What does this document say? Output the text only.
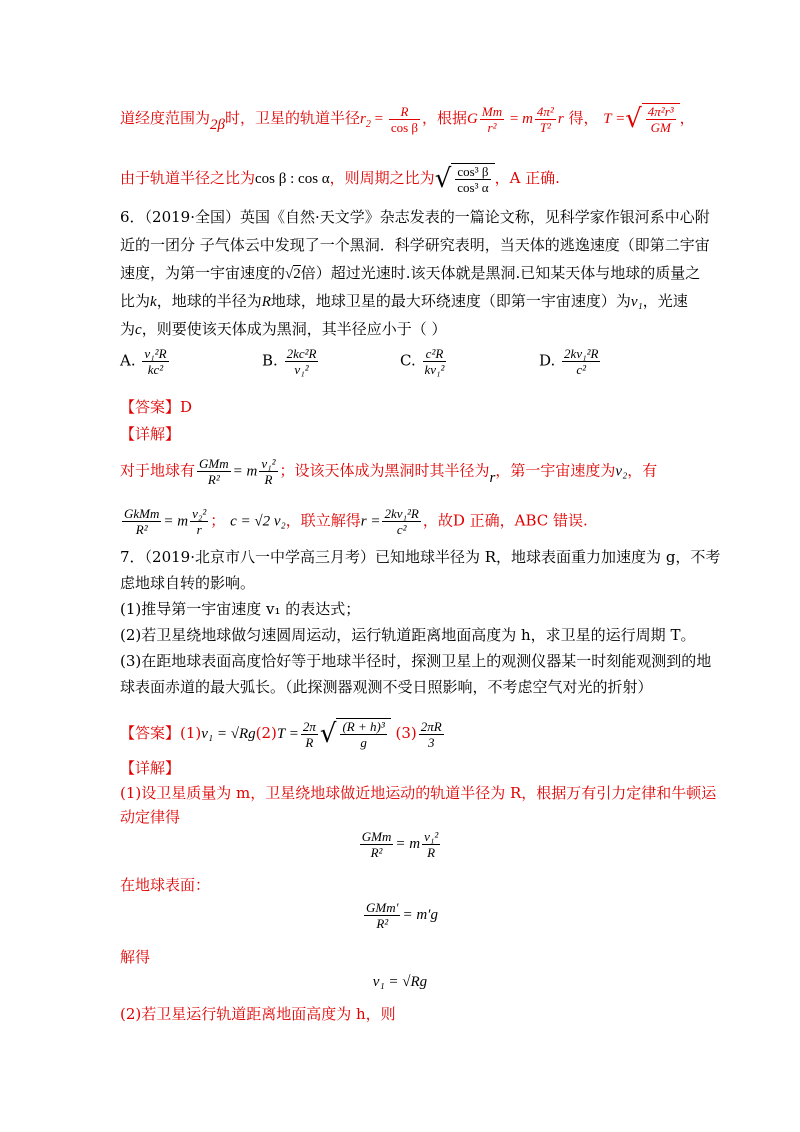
道经度范围为2β时，卫星的轨道半径$r_2 = \frac{R}{\text{cos β}}$ ，根据G $\frac{Mm}{\text{r²}} = m \frac{\text{4π²}}{\text{T²}}$ r 得， T =√ $\frac{\text{4π²r³}}{GM}$ ，
由于轨道半径之比为cos β : cos α，则周期之比为√ $\frac{\text{cos³ β}}{\text{cos³ α}}$ ，A 正确.
6．（2019·全国）英国《自然·天文学》杂志发表的一篇论文称，见科学家作银河系中心附
近的一团分 子气体云中发现了一个黑洞．科学研究表明，当天体的逃逸速度（即第二宇宙
速度，为第一宇宙速度的√2倍）超过光速时.该天体就是黑洞.已知某天体与地球的质量之
比为k，地球的半径为R地球，地球卫星的最大环绕速度（即第一宇宙速度）为v₁，光速
为c，则要使该天体成为黑洞，其半径应小于（ ）
A. $\frac{\text{v₁²R}}{\text{kc²}}$	B. $\frac{\text{2kc²R}}{\text{v₁²}}$	C. $\frac{\text{c²R}}{\text{kv₁²}}$	D. $\frac{\text{2kv₁²R}}{\text{c²}}$
【答案】D
【详解】
对于地球有 $\frac{\text{GMm}}{\text{R²}} = m \frac{\text{v₁²}}{R}$ ；设该天体成为黑洞时其半径为r，第一宇宙速度为v₂，有
$\frac{\text{GkMm}}{\text{R²}} = m \frac{\text{v₂²}}{r}$ ； c = √2 v₂，联立解得$r = \frac{\text{2kv₁²R}}{\text{c²}}$ ，故D 正确，ABC 错误.
7．（2019·北京市八一中学高三月考）已知地球半径为 R，地球表面重力加速度为 g，不考
虑地球自转的影响。
(1)推导第一宇宙速度 v₁ 的表达式；
(2)若卫星绕地球做匀速圆周运动，运行轨道距离地面高度为 h，求卫星的运行周期 T。
(3)在距地球表面高度恰好等于地球半径时，探测卫星上的观测仪器某一时刻能观测到的地
球表面赤道的最大弧长。（此探测器观测不受日照影响，不考虑空气对光的折射）
【答案】$(1)v_1 = √Rg(2)T = \frac{2\pi}{R}$ √ $\frac{\text{(R + h)³}}{g} (3) \frac{2\pi R}{3}$
【详解】
(1)设卫星质量为 m，卫星绕地球做近地运动的轨道半径为 R，根据万有引力定律和牛顿运
动定律得
$\frac{\text{GMm}}{\text{R²}} = m \frac{\text{v₁²}}{R}$
在地球表面：
$\frac{\text{GMm′}}{\text{R²}} = m'g$
解得
v₁ = √Rg
(2)若卫星运行轨道距离地面高度为 h，则
